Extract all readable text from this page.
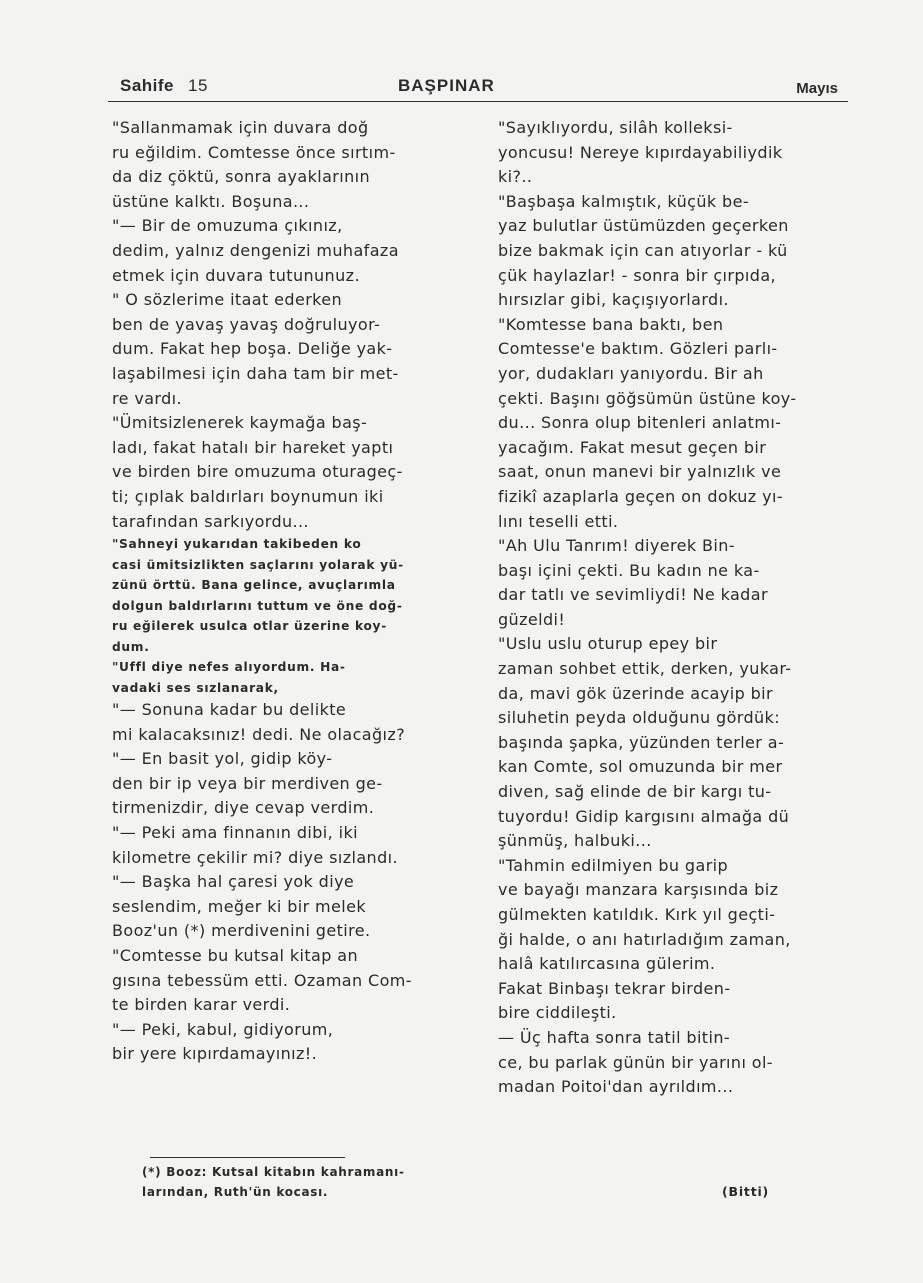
Sahife 15	BAŞPINAR	Mayıs
"Sallanmamak için duvara doğ
ru eğildim. Comtesse önce sırtım-
da diz çöktü, sonra ayaklarının
üstüne kalktı. Boşuna...
"— Bir de omuzuma çıkınız,
dedim, yalnız dengenizi muhafaza
etmek için duvara tutununuz.
" O sözlerime itaat ederken
ben de yavaş yavaş doğruluyor-
dum. Fakat hep boşa. Deliğe yak-
laşabilmesi için daha tam bir met-
re vardı.
"Ümitsizlenerek kaymağa baş-
ladı, fakat hatalı bir hareket yaptı
ve birden bire omuzuma oturageç-
ti; çıplak baldırları boynumun iki
tarafından sarkıyordu...
"Sahneyi yukarıdan takibeden ko
casi ümitsizlikten saçlarını yolarak yü-
zünü örttü. Bana gelince, avuçlarımla
dolgun baldırlarını tuttum ve öne doğ-
ru eğilerek usulca otlar üzerine koy-
dum.
"Uffl diye nefes alıyordum. Ha-
vadaki ses sızlanarak,
"— Sonuna kadar bu delikte
mi kalacaksınız! dedi. Ne olacağız?
"— En basit yol, gidip köy-
den bir ip veya bir merdiven ge-
tirmenizdir, diye cevap verdim.
"— Peki ama finnanın dibi, iki
kilometre çekilir mi? diye sızlandı.
"— Başka hal çaresi yok diye
seslendim, meğer ki bir melek
Booz'un (*) merdivenini getire.
"Comtesse bu kutsal kitap an
gısına tebessüm etti. Ozaman Com-
te birden karar verdi.
"— Peki, kabul, gidiyorum,
bir yere kıpırdamayınız!.
(*) Booz: Kutsal kitabın kahramanı-
larından, Ruth'ün kocası.
"Sayıklıyordu, silâh kolleksi-
yoncusu! Nereye kıpırdayabiliydik
ki?..
"Başbaşa kalmıştık, küçük be-
yaz bulutlar üstümüzden geçerken
bize bakmak için can atıyorlar - kü
çük haylazlar! - sonra bir çırpıda,
hırsızlar gibi, kaçışıyorlardı.
"Komtesse bana baktı, ben
Comtesse'e baktım. Gözleri parlı-
yor, dudakları yanıyordu. Bir ah
çekti. Başını göğsümün üstüne koy-
du... Sonra olup bitenleri anlatmı-
yacağım. Fakat mesut geçen bir
saat, onun manevi bir yalnızlık ve
fizikî azaplarla geçen on dokuz yı-
lını teselli etti.
"Ah Ulu Tanrım! diyerek Bin-
başı içini çekti. Bu kadın ne ka-
dar tatlı ve sevimliydi! Ne kadar
güzeldi!
"Uslu uslu oturup epey bir
zaman sohbet ettik, derken, yukar-
da, mavi gök üzerinde acayip bir
siluhetin peyda olduğunu gördük:
başında şapka, yüzünden terler a-
kan Comte, sol omuzunda bir mer
diven, sağ elinde de bir kargı tu-
tuyordu! Gidip kargısını almağa dü
şünmüş, halbuki...
"Tahmin edilmiyen bu garip
ve bayağı manzara karşısında biz
gülmekten katıldık. Kırk yıl geçti-
ği halde, o anı hatırladığım zaman,
halâ katılırcasına gülerim.
Fakat Binbaşı tekrar birden-
bire ciddileşti.
— Üç hafta sonra tatil bitin-
ce, bu parlak günün bir yarını ol-
madan Poitoi'dan ayrıldım...
(Bitti)
